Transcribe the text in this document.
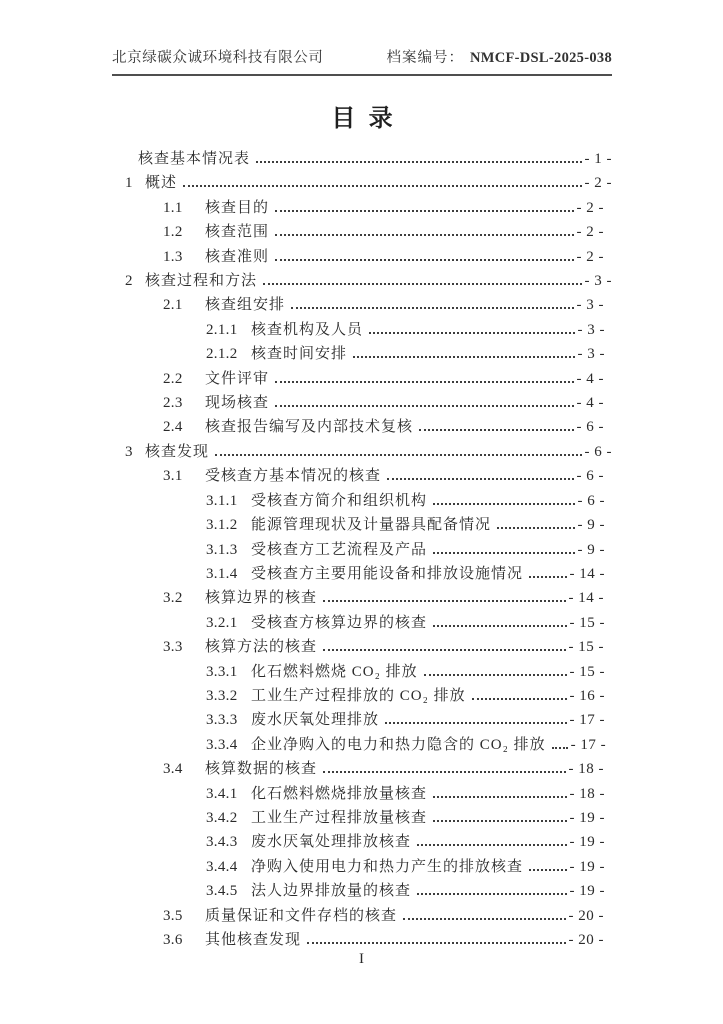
北京绿碳众诚环境科技有限公司	档案编号： NMCF-DSL-2025-038
目录
核查基本情况表	- 1 -
1 概述	- 2 -
1.1	核查目的	- 2 -
1.2	核查范围	- 2 -
1.3	核查准则	- 2 -
2 核查过程和方法	- 3 -
2.1	核查组安排	- 3 -
2.1.1 核查机构及人员	- 3 -
2.1.2 核查时间安排	- 3 -
2.2	文件评审	- 4 -
2.3	现场核查	- 4 -
2.4	核查报告编写及内部技术复核	- 6 -
3 核查发现	- 6 -
3.1	受核查方基本情况的核查	- 6 -
3.1.1 受核查方简介和组织机构	- 6 -
3.1.2 能源管理现状及计量器具配备情况	- 9 -
3.1.3 受核查方工艺流程及产品	- 9 -
3.1.4 受核查方主要用能设备和排放设施情况	- 14 -
3.2	核算边界的核查	- 14 -
3.2.1 受核查方核算边界的核查	- 15 -
3.3	核算方法的核查	- 15 -
3.3.1 化石燃料燃烧 CO₂ 排放	- 15 -
3.3.2 工业生产过程排放的 CO₂ 排放	- 16 -
3.3.3 废水厌氧处理排放	- 17 -
3.3.4 企业净购入的电力和热力隐含的 CO₂ 排放 - 17 -
3.4	核算数据的核查	- 18 -
3.4.1 化石燃料燃烧排放量核查	- 18 -
3.4.2 工业生产过程排放量核查	- 19 -
3.4.3 废水厌氧处理排放核查	- 19 -
3.4.4 净购入使用电力和热力产生的排放核查	- 19 -
3.4.5 法人边界排放量的核查	- 19 -
3.5	质量保证和文件存档的核查	- 20 -
3.6	其他核查发现	- 20 -
I
